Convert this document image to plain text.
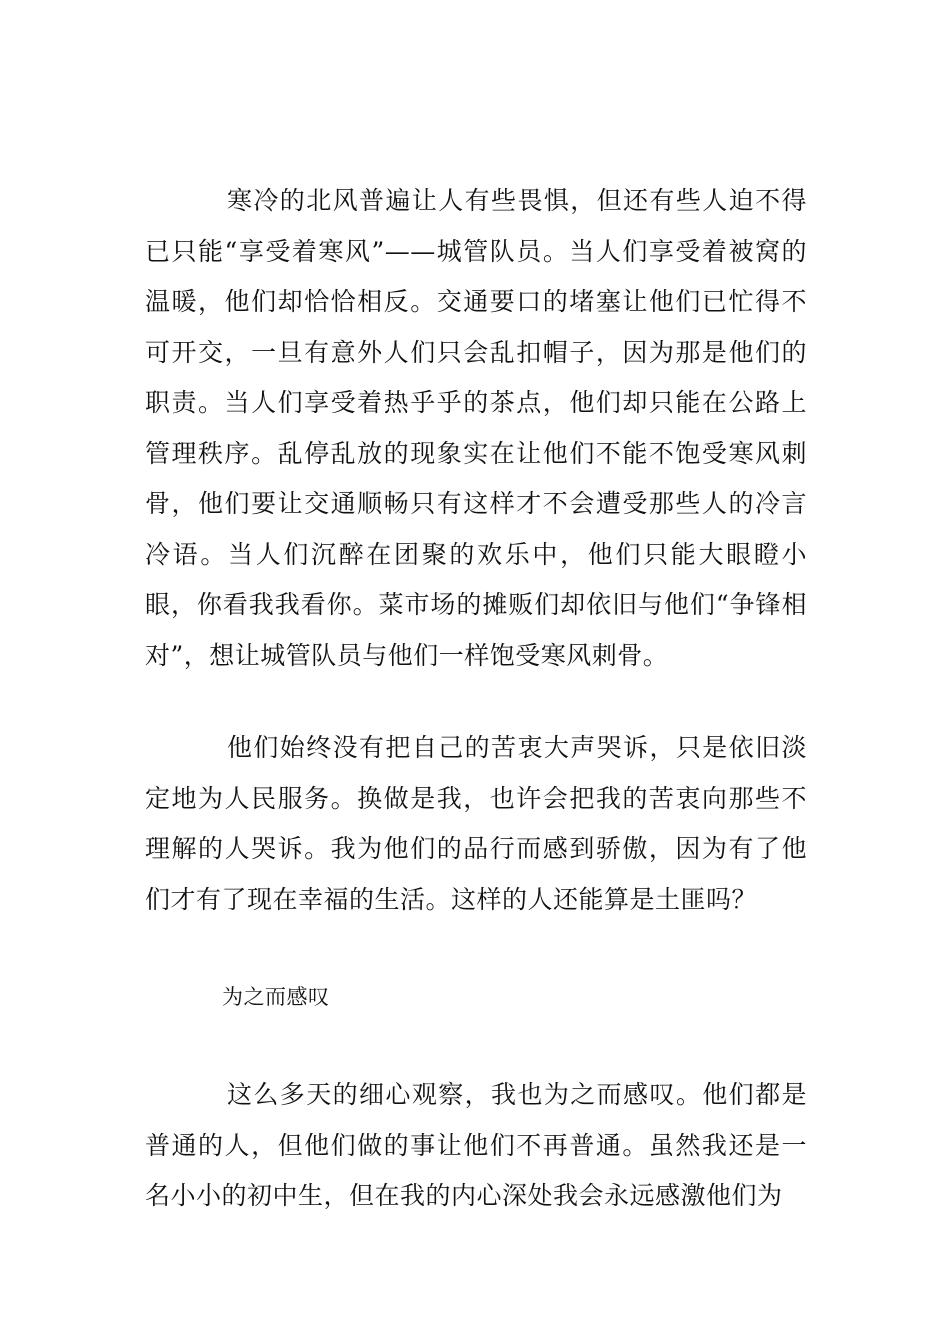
寒冷的北风普遍让人有些畏惧，但还有些人迫不得已只能“享受着寒风”——城管队员。当人们享受着被窝的温暖，他们却恰恰相反。交通要口的堵塞让他们已忙得不可开交，一旦有意外人们只会乱扣帽子，因为那是他们的职责。当人们享受着热乎乎的茶点，他们却只能在公路上管理秩序。乱停乱放的现象实在让他们不能不饱受寒风刺骨，他们要让交通顺畅只有这样才不会遭受那些人的冷言冷语。当人们沉醉在团聚的欢乐中，他们只能大眼瞪小眼，你看我我看你。菜市场的摊贩们却依旧与他们“争锋相对”，想让城管队员与他们一样饱受寒风刺骨。

他们始终没有把自己的苦衷大声哭诉，只是依旧淡定地为人民服务。换做是我，也许会把我的苦衷向那些不理解的人哭诉。我为他们的品行而感到骄傲，因为有了他们才有了现在幸福的生活。这样的人还能算是土匪吗？

为之而感叹

这么多天的细心观察，我也为之而感叹。他们都是普通的人，但他们做的事让他们不再普通。虽然我还是一名小小的初中生，但在我的内心深处我会永远感激他们为
